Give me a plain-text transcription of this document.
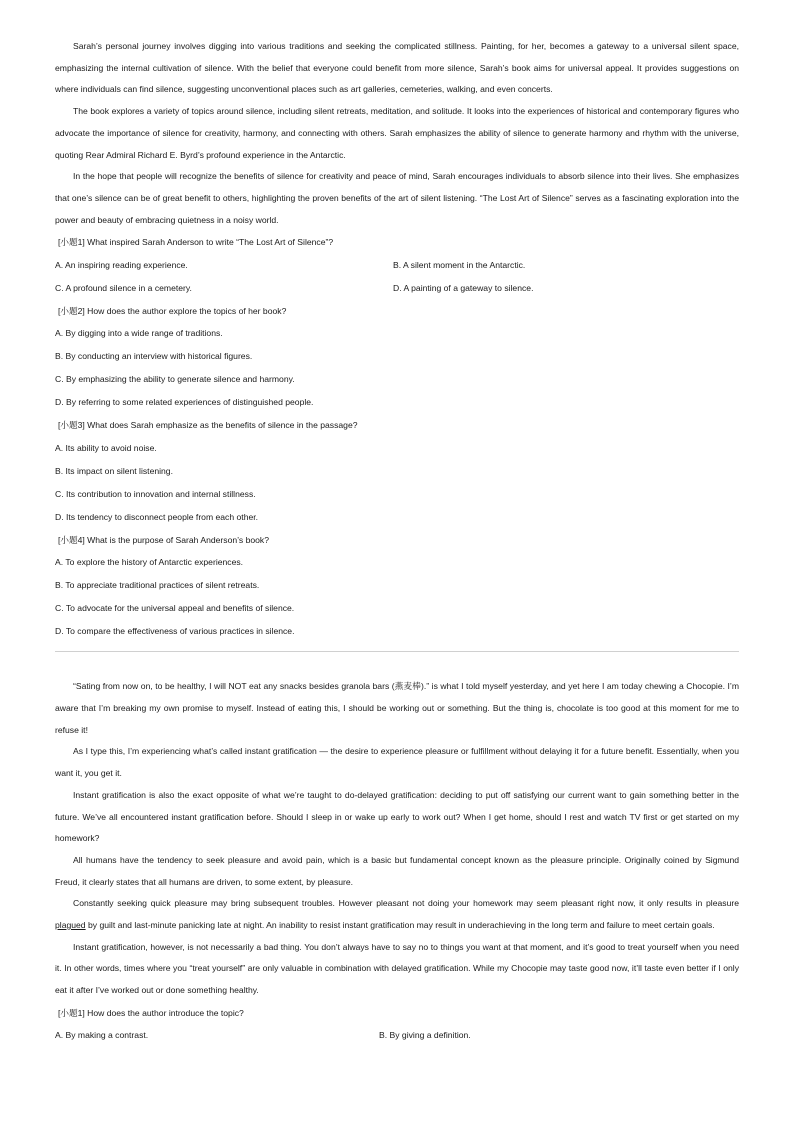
Sarah’s personal journey involves digging into various traditions and seeking the complicated stillness. Painting, for her, becomes a gateway to a universal silent space, emphasizing the internal cultivation of silence. With the belief that everyone could benefit from more silence, Sarah’s book aims for universal appeal. It provides suggestions on where individuals can find silence, suggesting unconventional places such as art galleries, cemeteries, walking, and even concerts.

The book explores a variety of topics around silence, including silent retreats, meditation, and solitude. It looks into the experiences of historical and contemporary figures who advocate the importance of silence for creativity, harmony, and connecting with others. Sarah emphasizes the ability of silence to generate harmony and rhythm with the universe, quoting Rear Admiral Richard E. Byrd’s profound experience in the Antarctic.

In the hope that people will recognize the benefits of silence for creativity and peace of mind, Sarah encourages individuals to absorb silence into their lives. She emphasizes that one’s silence can be of great benefit to others, highlighting the proven benefits of the art of silent listening. “The Lost Art of Silence” serves as a fascinating exploration into the power and beauty of embracing quietness in a noisy world.

[小题1] What inspired Sarah Anderson to write “The Lost Art of Silence”?

A. An inspiring reading experience.	B. A silent moment in the Antarctic.

C. A profound silence in a cemetery.	D. A painting of a gateway to silence.

[小题2] How does the author explore the topics of her book?

A. By digging into a wide range of traditions.

B. By conducting an interview with historical figures.

C. By emphasizing the ability to generate silence and harmony.

D. By referring to some related experiences of distinguished people.

[小题3] What does Sarah emphasize as the benefits of silence in the passage?

A. Its ability to avoid noise.

B. Its impact on silent listening.

C. Its contribution to innovation and internal stillness.

D. Its tendency to disconnect people from each other.

[小题4] What is the purpose of Sarah Anderson’s book?

A. To explore the history of Antarctic experiences.

B. To appreciate traditional practices of silent retreats.

C. To advocate for the universal appeal and benefits of silence.

D. To compare the effectiveness of various practices in silence.

“Sating from now on, to be healthy, I will NOT eat any snacks besides granola bars (燕麦棒).” is what I told myself yesterday, and yet here I am today chewing a Chocopie. I’m aware that I’m breaking my own promise to myself. Instead of eating this, I should be working out or something. But the thing is, chocolate is too good at this moment for me to refuse it!

As I type this, I’m experiencing what’s called instant gratification — the desire to experience pleasure or fulfillment without delaying it for a future benefit. Essentially, when you want it, you get it.

Instant gratification is also the exact opposite of what we’re taught to do-delayed gratification: deciding to put off satisfying our current want to gain something better in the future. We’ve all encountered instant gratification before. Should I sleep in or wake up early to work out? When I get home, should I rest and watch TV first or get started on my homework?

All humans have the tendency to seek pleasure and avoid pain, which is a basic but fundamental concept known as the pleasure principle. Originally coined by Sigmund Freud, it clearly states that all humans are driven, to some extent, by pleasure.

Constantly seeking quick pleasure may bring subsequent troubles. However pleasant not doing your homework may seem pleasant right now, it only results in pleasure plagued by guilt and last-minute panicking late at night. An inability to resist instant gratification may result in underachieving in the long term and failure to meet certain goals.

Instant gratification, however, is not necessarily a bad thing. You don’t always have to say no to things you want at that moment, and it’s good to treat yourself when you need it. In other words, times where you “treat yourself” are only valuable in combination with delayed gratification. While my Chocopie may taste good now, it’ll taste even better if I only eat it after I’ve worked out or done something healthy.

[小题1] How does the author introduce the topic?

A. By making a contrast.	B. By giving a definition.
